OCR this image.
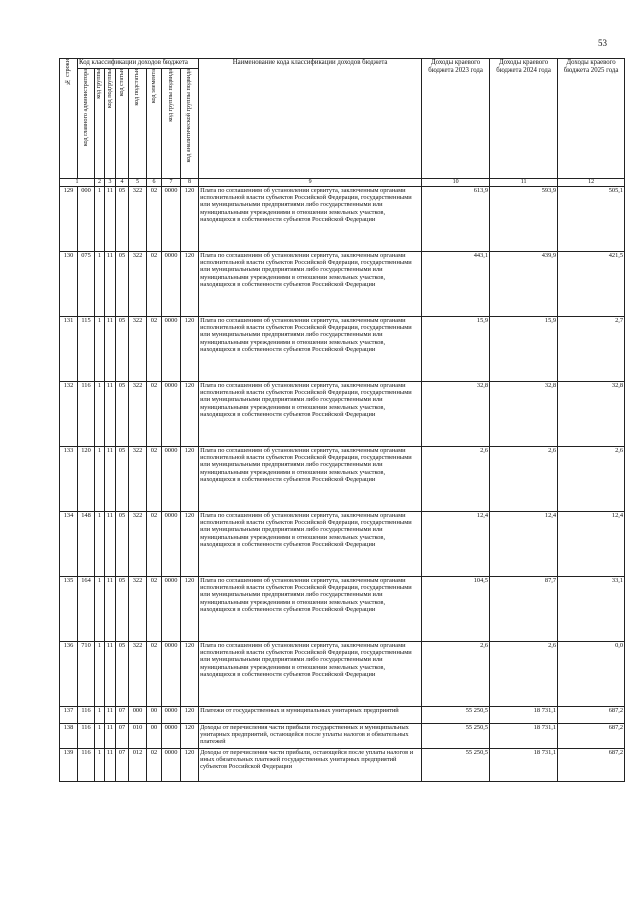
53
№ строки	Код классификации доходов бюджета								Наименование кода классификации доходов бюджета	Доходы краевого бюджета 2023 года	Доходы краевого бюджета 2024 года	Доходы краевого бюджета 2025 года

	код главного администратора	код группы	код подгруппы	код статьи	код подстатьи	код элемента	код группы подвида	код аналитической группы подвида				

1		2	3	4	5	6	7	8	9	10	11	12
129	000	1	11	05	322	02	0000	120	Плата по соглашениям об установлении сервитута, заключенным органами исполнительной власти субъектов Российской Федерации, государственными или муниципальными предприятиями либо государственными или муниципальными учреждениями в отношении земельных участков, находящихся в собственности субъектов Российской Федерации	613,9	593,9	505,1
130	075	1	11	05	322	02	0000	120	Плата по соглашениям об установлении сервитута, заключенным органами исполнительной власти субъектов Российской Федерации, государственными или муниципальными предприятиями либо государственными или муниципальными учреждениями в отношении земельных участков, находящихся в собственности субъектов Российской Федерации	443,1	439,9	421,5
131	115	1	11	05	322	02	0000	120	Плата по соглашениям об установлении сервитута, заключенным органами исполнительной власти субъектов Российской Федерации, государственными или муниципальными предприятиями либо государственными или муниципальными учреждениями в отношении земельных участков, находящихся в собственности субъектов Российской Федерации	15,9	15,9	2,7
132	116	1	11	05	322	02	0000	120	Плата по соглашениям об установлении сервитута, заключенным органами исполнительной власти субъектов Российской Федерации, государственными или муниципальными предприятиями либо государственными или муниципальными учреждениями в отношении земельных участков, находящихся в собственности субъектов Российской Федерации	32,8	32,8	32,8
133	120	1	11	05	322	02	0000	120	Плата по соглашениям об установлении сервитута, заключенным органами исполнительной власти субъектов Российской Федерации, государственными или муниципальными предприятиями либо государственными или муниципальными учреждениями в отношении земельных участков, находящихся в собственности субъектов Российской Федерации	2,6	2,6	2,6
134	148	1	11	05	322	02	0000	120	Плата по соглашениям об установлении сервитута, заключенным органами исполнительной власти субъектов Российской Федерации, государственными или муниципальными предприятиями либо государственными или муниципальными учреждениями в отношении земельных участков, находящихся в собственности субъектов Российской Федерации	12,4	12,4	12,4
135	164	1	11	05	322	02	0000	120	Плата по соглашениям об установлении сервитута, заключенным органами исполнительной власти субъектов Российской Федерации, государственными или муниципальными предприятиями либо государственными или муниципальными учреждениями в отношении земельных участков, находящихся в собственности субъектов Российской Федерации	104,5	87,7	33,1
136	710	1	11	05	322	02	0000	120	Плата по соглашениям об установлении сервитута, заключенным органами исполнительной власти субъектов Российской Федерации, государственными или муниципальными предприятиями либо государственными или муниципальными учреждениями в отношении земельных участков, находящихся в собственности субъектов Российской Федерации	2,6	2,6	0,0
137	116	1	11	07	000	00	0000	120	Платежи от государственных и муниципальных унитарных предприятий	55 250,5	18 731,1	687,2
138	116	1	11	07	010	00	0000	120	Доходы от перечисления части прибыли государственных и муниципальных унитарных предприятий, остающейся после уплаты налогов и обязательных платежей	55 250,5	18 731,1	687,2
139	116	1	11	07	012	02	0000	120	Доходы от перечисления части прибыли, остающейся после уплаты налогов и иных обязательных платежей государственных унитарных предприятий субъектов Российской Федерации	55 250,5	18 731,1	687,2
